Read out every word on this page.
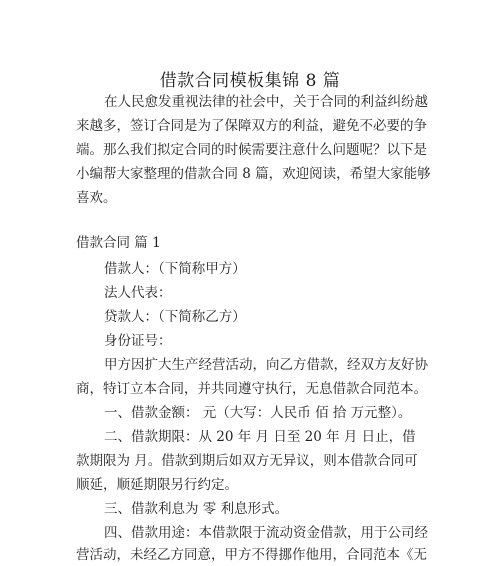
借款合同模板集锦 8 篇
在人民愈发重视法律的社会中，关于合同的利益纠纷越
来越多，签订合同是为了保障双方的利益，避免不必要的争
端。那么我们拟定合同的时候需要注意什么问题呢？以下是
小编帮大家整理的借款合同 8 篇，欢迎阅读，希望大家能够
喜欢。
借款合同 篇 1
借款人：（下简称甲方）
法人代表：
贷款人：（下简称乙方）
身份证号：
甲方因扩大生产经营活动，向乙方借款，经双方友好协
商，特订立本合同，并共同遵守执行，无息借款合同范本。
一、借款金额： 元（大写：人民币 佰 拾 万元整）。
二、借款期限：从 20 年 月 日至 20 年 月 日止，借
款期限为 月。借款到期后如双方无异议，则本借款合同可
顺延，顺延期限另行约定。
三、借款利息为 零 利息形式。
四、借款用途：本借款限于流动资金借款，用于公司经
营活动，未经乙方同意，甲方不得挪作他用，合同范本《无
